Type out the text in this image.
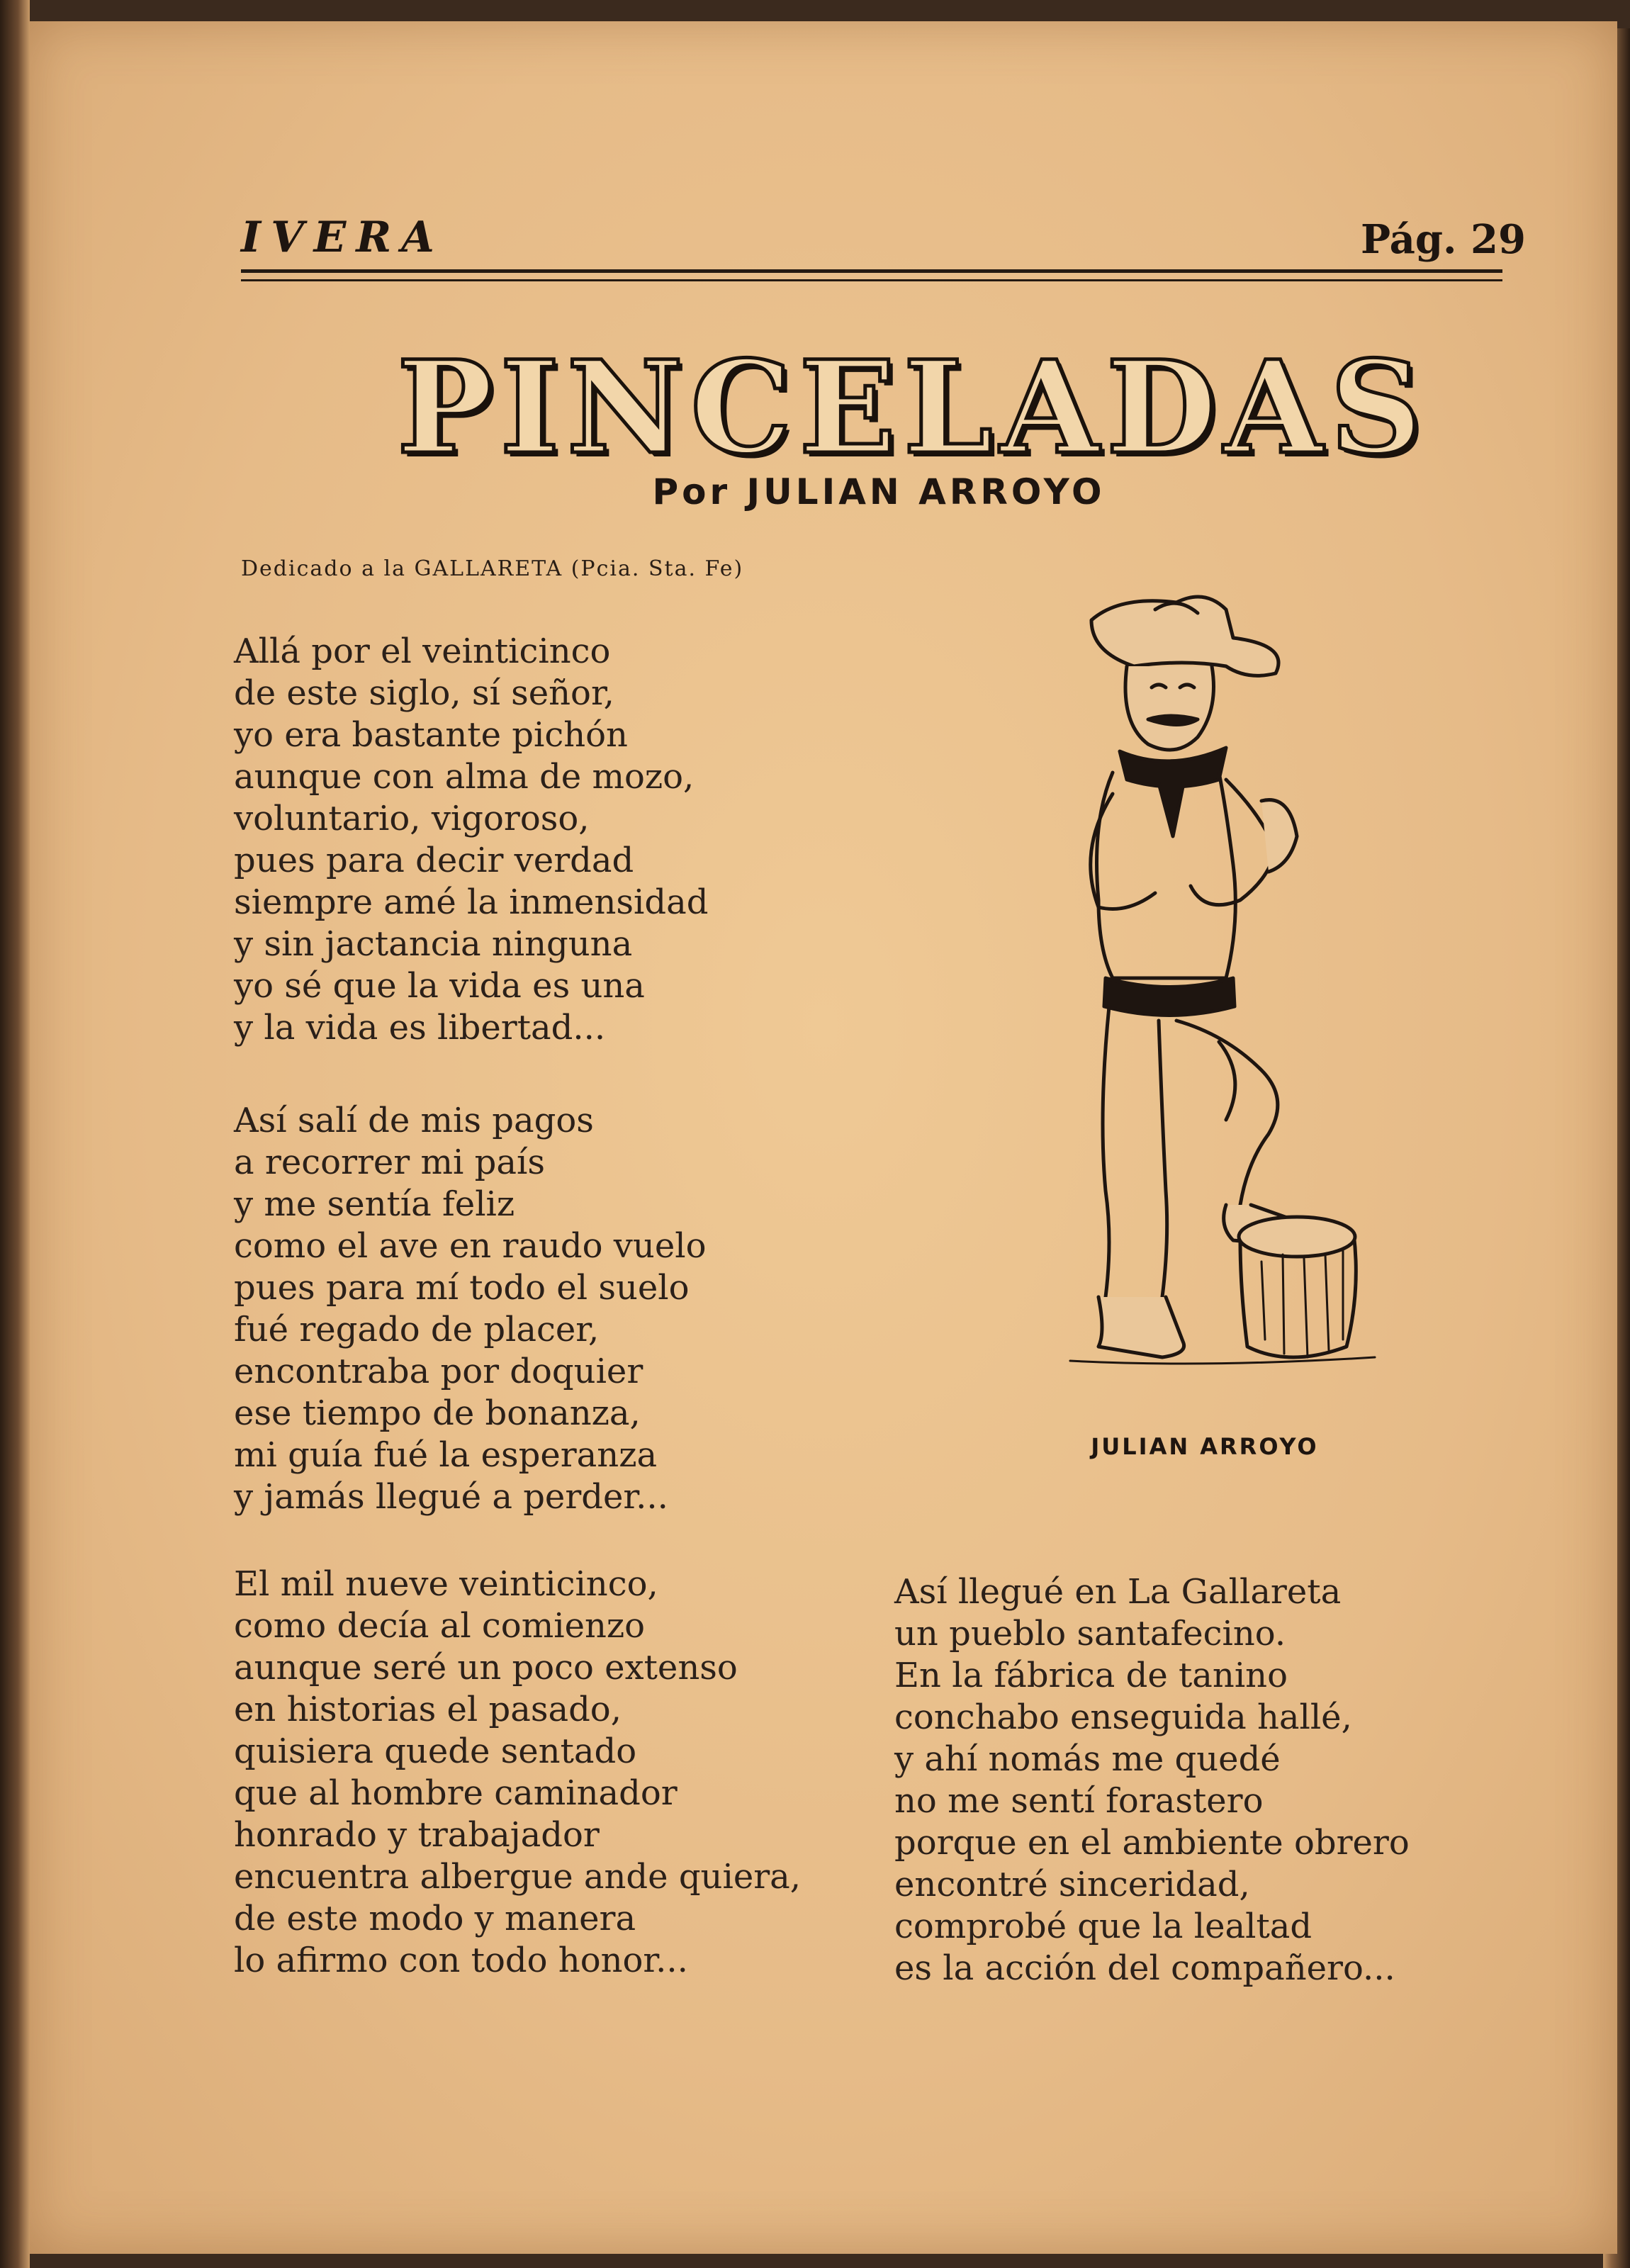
IVERA	Pág. 29
PINCELADAS
Por JULIAN ARROYO
Dedicado a la GALLARETA (Pcia. Sta. Fe)
Allá por el veinticinco
de este siglo, sí señor,
yo era bastante pichón
aunque con alma de mozo,
voluntario, vigoroso,
pues para decir verdad
siempre amé la inmensidad
y sin jactancia ninguna
yo sé que la vida es una
y la vida es libertad...
Así salí de mis pagos
a recorrer mi país
y me sentía feliz
como el ave en raudo vuelo
pues para mí todo el suelo
fué regado de placer,
encontraba por doquier
ese tiempo de bonanza,
mi guía fué la esperanza
y jamás llegué a perder...
El mil nueve veinticinco,
como decía al comienzo
aunque seré un poco extenso
en historias el pasado,
quisiera quede sentado
que al hombre caminador
honrado y trabajador
encuentra albergue ande quiera,
de este modo y manera
lo afirmo con todo honor...
Así llegué en La Gallareta
un pueblo santafecino.
En la fábrica de tanino
conchabo enseguida hallé,
y ahí nomás me quedé
no me sentí forastero
porque en el ambiente obrero
encontré sinceridad,
comprobé que la lealtad
es la acción del compañero...
JULIAN ARROYO
